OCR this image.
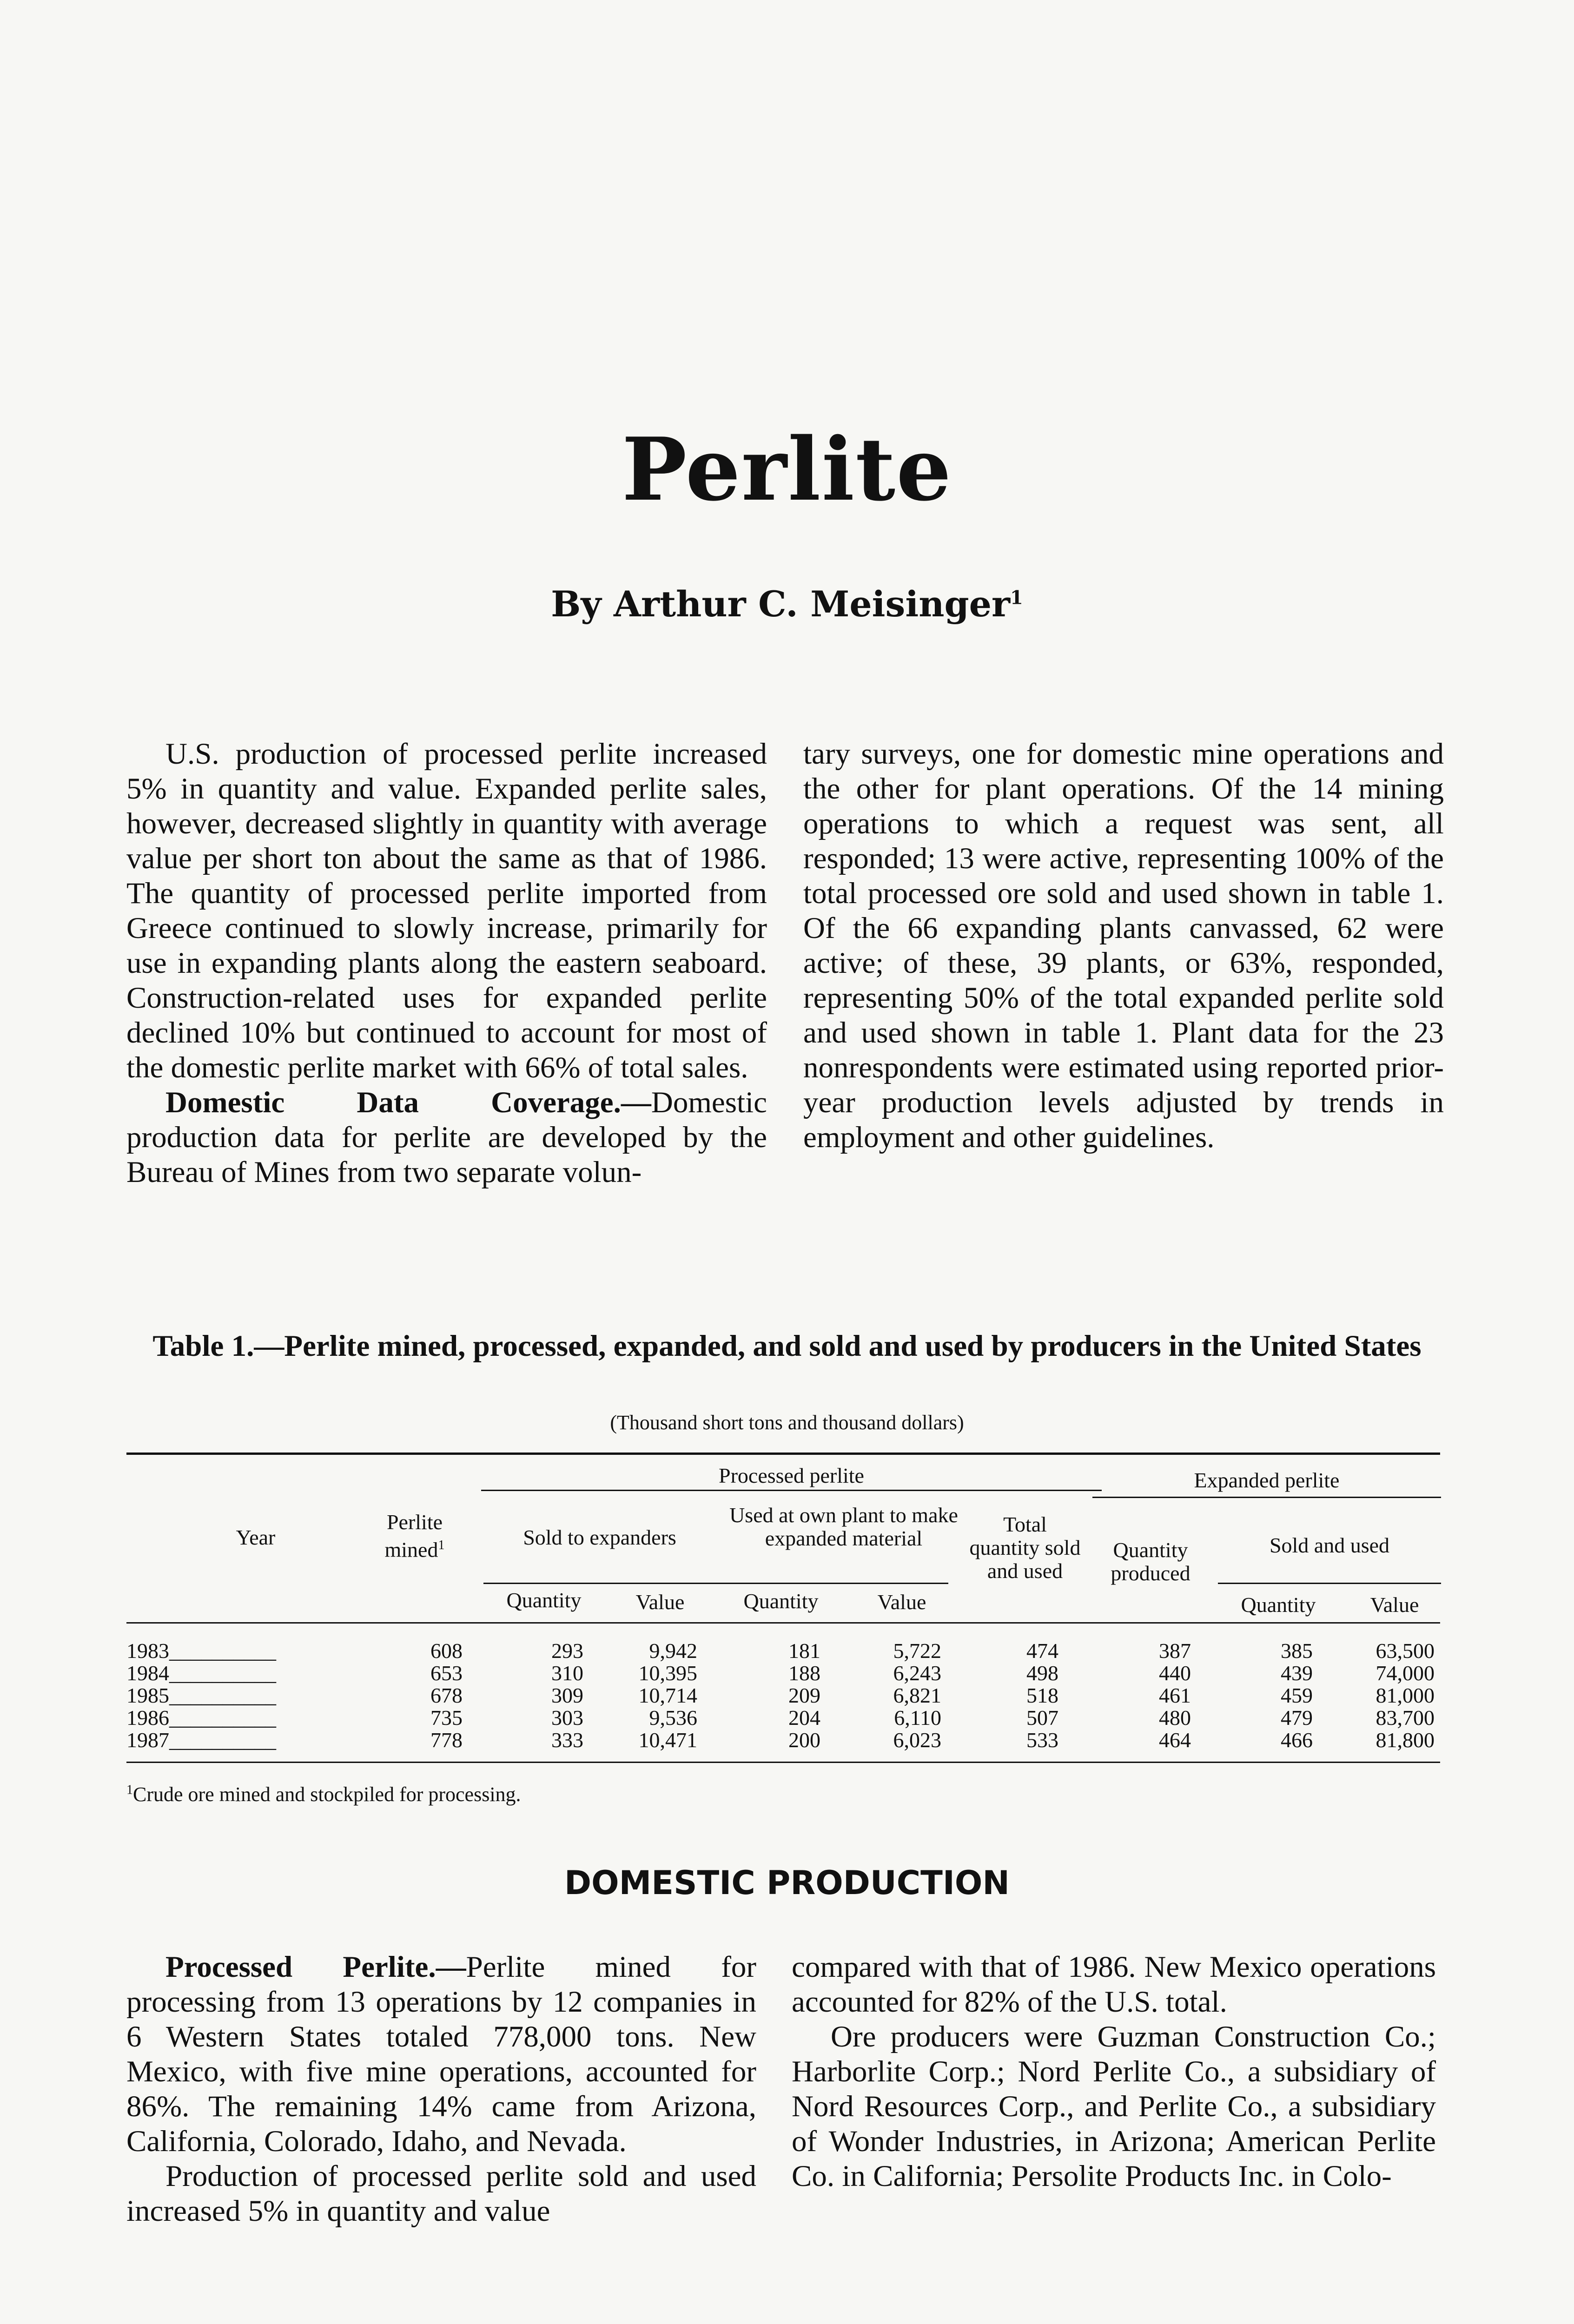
Perlite
By Arthur C. Meisinger$^1$

U.S. production of processed perlite increased 5% in quantity and value. Expanded perlite sales, however, decreased slightly in quantity with average value per short ton about the same as that of 1986. The quantity of processed perlite imported from Greece continued to slowly increase, primarily for use in expanding plants along the eastern seaboard. Construction-related uses for expanded perlite declined 10% but continued to account for most of the domestic perlite market with 66% of total sales.

Domestic Data Coverage.—Domestic production data for perlite are developed by the Bureau of Mines from two separate volun-

tary surveys, one for domestic mine operations and the other for plant operations. Of the 14 mining operations to which a request was sent, all responded; 13 were active, representing 100% of the total processed ore sold and used shown in table 1. Of the 66 expanding plants canvassed, 62 were active; of these, 39 plants, or 63%, responded, representing 50% of the total expanded perlite sold and used shown in table 1. Plant data for the 23 nonrespondents were estimated using reported prior-year production levels adjusted by trends in employment and other guidelines.

Table 1.—Perlite mined, processed, expanded, and sold and used by producers in the United States
(Thousand short tons and thousand dollars)
Processed perlite	Expanded perlite
Year
Perlite mined$^1$	Sold to expanders
Used at own plant to make expanded material
Total quantity sold and used
Quantity produced
Sold and used
Quantity	Value	Quantity	Value	Quantity	Value
1983__________	608	293	9,942	181	5,722	474	387	385	63,500
1984__________	653	310	10,395	188	6,243	498	440	439	74,000
1985__________	678	309	10,714	209	6,821	518	461	459	81,000
1986__________	735	303	9,536	204	6,110	507	480	479	83,700
1987__________	778	333	10,471	200	6,023	533	464	466	81,800
$^1$Crude ore mined and stockpiled for processing.
DOMESTIC PRODUCTION

Processed Perlite.—Perlite mined for processing from 13 operations by 12 companies in 6 Western States totaled 778,000 tons. New Mexico, with five mine operations, accounted for 86%. The remaining 14% came from Arizona, California, Colorado, Idaho, and Nevada.

Production of processed perlite sold and used increased 5% in quantity and value

compared with that of 1986. New Mexico operations accounted for 82% of the U.S. total.

Ore producers were Guzman Construction Co.; Harborlite Corp.; Nord Perlite Co., a subsidiary of Nord Resources Corp., and Perlite Co., a subsidiary of Wonder Industries, in Arizona; American Perlite Co. in California; Persolite Products Inc. in Colo-
